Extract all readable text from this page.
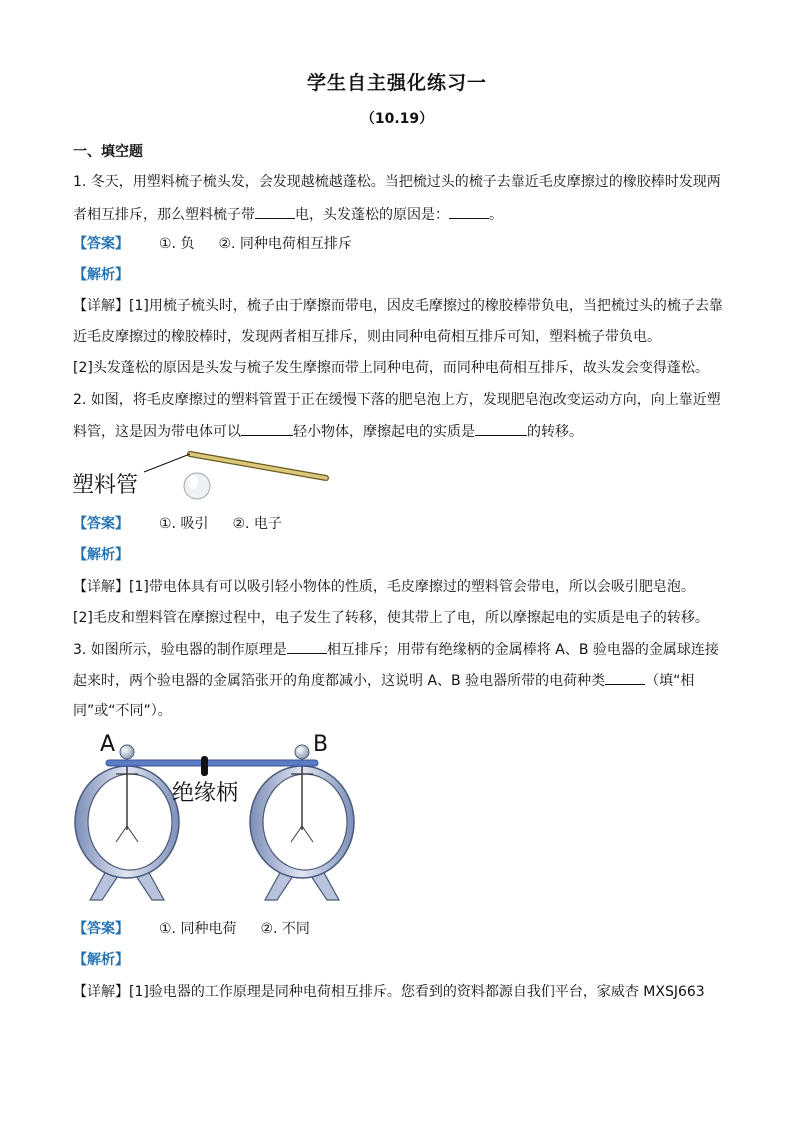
学生自主强化练习一
（10.19）
一、填空题
1. 冬天，用塑料梳子梳头发，会发现越梳越蓬松。当把梳过头的梳子去靠近毛皮摩擦过的橡胶棒时发现两
者相互排斥，那么塑料梳子带	电，头发蓬松的原因是：	。
【答案】 ①. 负 ②. 同种电荷相互排斥
【解析】
【详解】[1]用梳子梳头时，梳子由于摩擦而带电，因皮毛摩擦过的橡胶棒带负电，当把梳过头的梳子去靠
近毛皮摩擦过的橡胶棒时，发现两者相互排斥，则由同种电荷相互排斥可知，塑料梳子带负电。
[2]头发蓬松的原因是头发与梳子发生摩擦而带上同种电荷，而同种电荷相互排斥，故头发会变得蓬松。
2. 如图，将毛皮摩擦过的塑料管置于正在缓慢下落的肥皂泡上方，发现肥皂泡改变运动方向，向上靠近塑
料管，这是因为带电体可以	轻小物体，摩擦起电的实质是	的转移。
塑料管
【答案】 ①. 吸引 ②. 电子
【解析】
【详解】[1]带电体具有可以吸引轻小物体的性质，毛皮摩擦过的塑料管会带电，所以会吸引肥皂泡。
[2]毛皮和塑料管在摩擦过程中，电子发生了转移，使其带上了电，所以摩擦起电的实质是电子的转移。
3. 如图所示，验电器的制作原理是	相互排斥；用带有绝缘柄的金属棒将 A、B 验电器的金属球连接
起来时，两个验电器的金属箔张开的角度都减小，这说明 A、B 验电器所带的电荷种类	（填“相
同”或“不同”）。
A	B
绝缘柄
【答案】 ①. 同种电荷 ②. 不同
【解析】
【详解】[1]验电器的工作原理是同种电荷相互排斥。您看到的资料都源自我们平台，家威杏 MXSJ663
